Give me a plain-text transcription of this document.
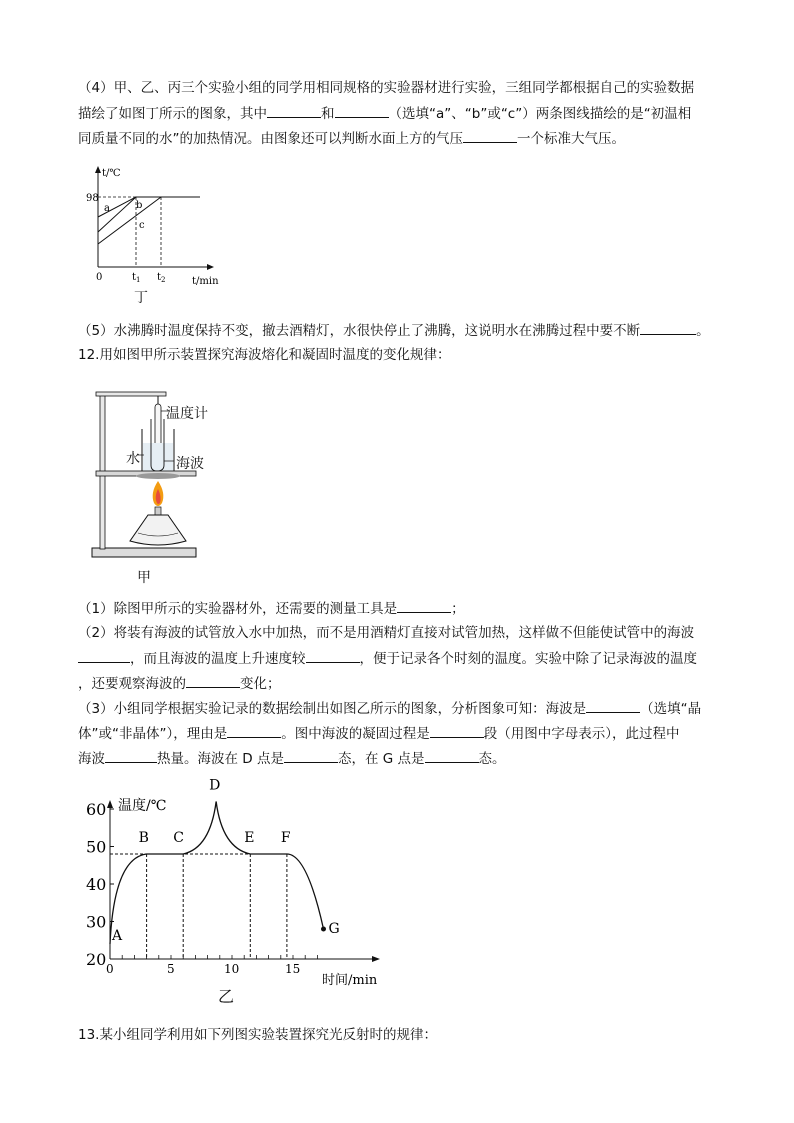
（4）甲、乙、丙三个实验小组的同学用相同规格的实验器材进行实验，三组同学都根据自己的实验数据
描绘了如图丁所示的图象，其中	和	（选填“a”、“b”或“c”）两条图线描绘的是“初温相
同质量不同的水”的加热情况。由图象还可以判断水面上方的气压	一个标准大气压。
98
t/℃
t/min
0	$t_1$ $t_2$
a	b
c
丁
（5）水沸腾时温度保持不变，撤去酒精灯，水很快停止了沸腾，这说明水在沸腾过程中要不断	。
12.用如图甲所示装置探究海波熔化和凝固时温度的变化规律：
温度计
水	海波
甲
（1）除图甲所示的实验器材外，还需要的测量工具是	；
（2）将装有海波的试管放入水中加热，而不是用酒精灯直接对试管加热，这样做不但能使试管中的海波
，而且海波的温度上升速度较	，便于记录各个时刻的温度。实验中除了记录海波的温度
，还要观察海波的	变化；
（3）小组同学根据实验记录的数据绘制出如图乙所示的图象，分析图象可知：海波是	（选填“晶
体”或“非晶体”），理由是	。图中海波的凝固过程是	段（用图中字母表示），此过程中
海波	热量。海波在 D 点是	态，在 G 点是	态。
温度/℃
时间/min
20
30
40
50
60
0	5	10	15
A
B C
D
E F
G
乙
13.某小组同学利用如下列图实验装置探究光反射时的规律：
